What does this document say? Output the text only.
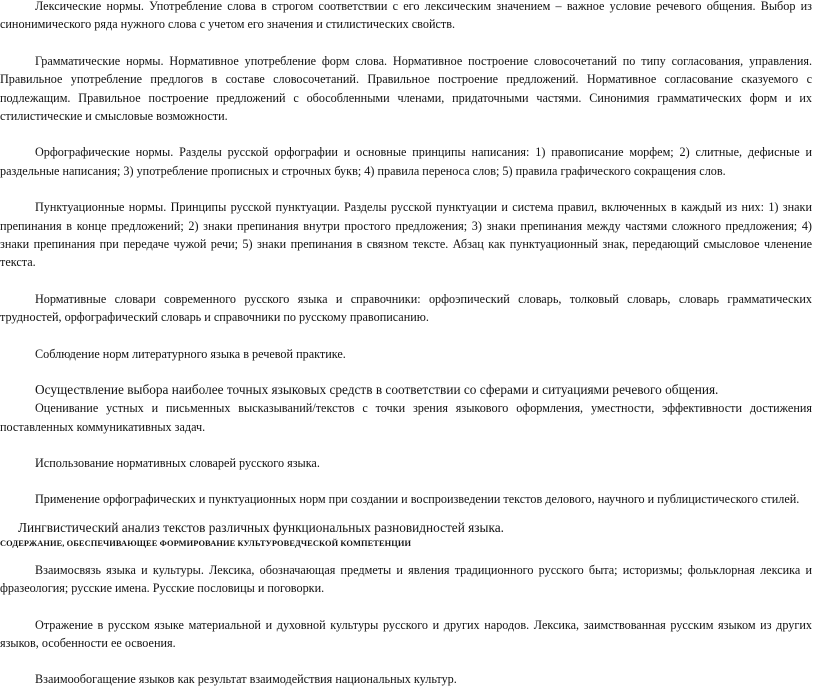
Лексические нормы. Употребление слова в строгом соответствии с его лексическим значением – важное условие речевого общения. Выбор из синонимического ряда нужного слова с учетом его значения и стилистических свойств.

Грамматические нормы. Нормативное употребление форм слова. Нормативное построение словосочетаний по типу согласования, управления. Правильное употребление предлогов в составе словосочетаний. Правильное построение предложений. Нормативное согласование сказуемого с подлежащим. Правильное построение предложений с обособленными членами, придаточными частями. Синонимия грамматических форм и их стилистические и смысловые возможности.

Орфографические нормы. Разделы русской орфографии и основные принципы написания: 1) правописание морфем; 2) слитные, дефисные и раздельные написания; 3) употребление прописных и строчных букв; 4) правила переноса слов; 5) правила графического сокращения слов.

Пунктуационные нормы. Принципы русской пунктуации. Разделы русской пунктуации и система правил, включенных в каждый из них: 1) знаки препинания в конце предложений; 2) знаки препинания внутри простого предложения; 3) знаки препинания между частями сложного предложения; 4) знаки препинания при передаче чужой речи; 5) знаки препинания в связном тексте. Абзац как пунктуационный знак, передающий смысловое членение текста.

Нормативные словари современного русского языка и справочники: орфоэпический словарь, толковый словарь, словарь грамматических трудностей, орфографический словарь и справочники по русскому правописанию.

Соблюдение норм литературного языка в речевой практике.

Осуществление выбора наиболее точных языковых средств в соответствии со сферами и ситуациями речевого общения.

Оценивание устных и письменных высказываний/текстов с точки зрения языкового оформления, уместности, эффективности достижения поставленных коммуникативных задач.

Использование нормативных словарей русского языка.

Применение орфографических и пунктуационных норм при создании и воспроизведении текстов делового, научного и публицистического стилей.

Лингвистический анализ текстов различных функциональных разновидностей языка.

СОДЕРЖАНИЕ, ОБЕСПЕЧИВАЮЩЕЕ ФОРМИРОВАНИЕ КУЛЬТУРОВЕДЧЕСКОЙ КОМПЕТЕНЦИИ

Взаимосвязь языка и культуры. Лексика, обозначающая предметы и явления традиционного русского быта; историзмы; фольклорная лексика и фразеология; русские имена. Русские пословицы и поговорки.

Отражение в русском языке материальной и духовной культуры русского и других народов. Лексика, заимствованная русским языком из других языков, особенности ее освоения.

Взаимообогащение языков как результат взаимодействия национальных культур.
